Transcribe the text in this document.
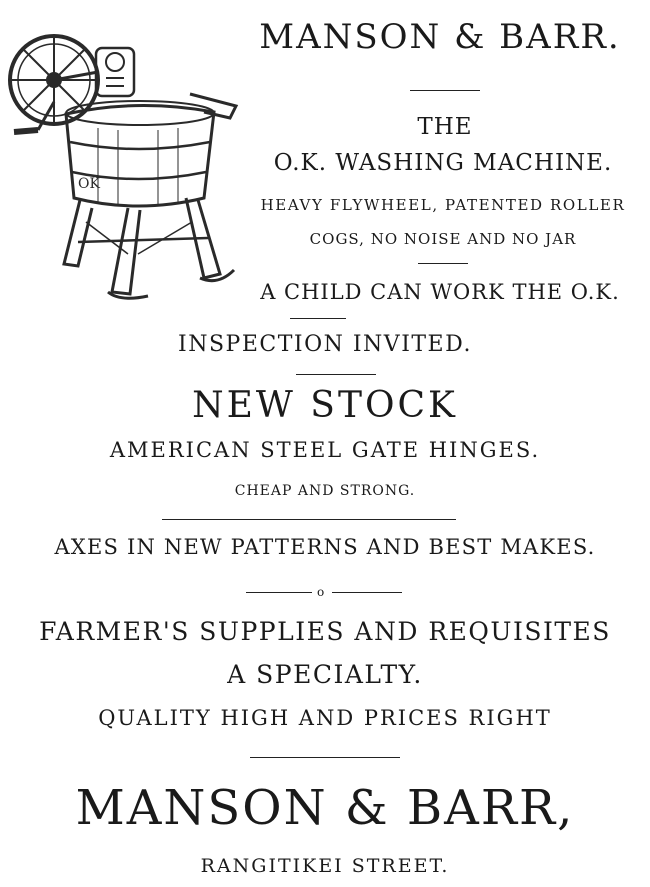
OK
MANSON & BARR.
THE
O.K. WASHING MACHINE.
HEAVY FLYWHEEL, PATENTED ROLLER
COGS, NO NOISE AND NO JAR
A CHILD CAN WORK THE O.K.
INSPECTION INVITED.
NEW STOCK
AMERICAN STEEL GATE HINGES.
CHEAP AND STRONG.
AXES IN NEW PATTERNS AND BEST MAKES.
o
FARMER'S SUPPLIES AND REQUISITES
A SPECIALTY.
QUALITY HIGH AND PRICES RIGHT
MANSON & BARR,
RANGITIKEI STREET.
